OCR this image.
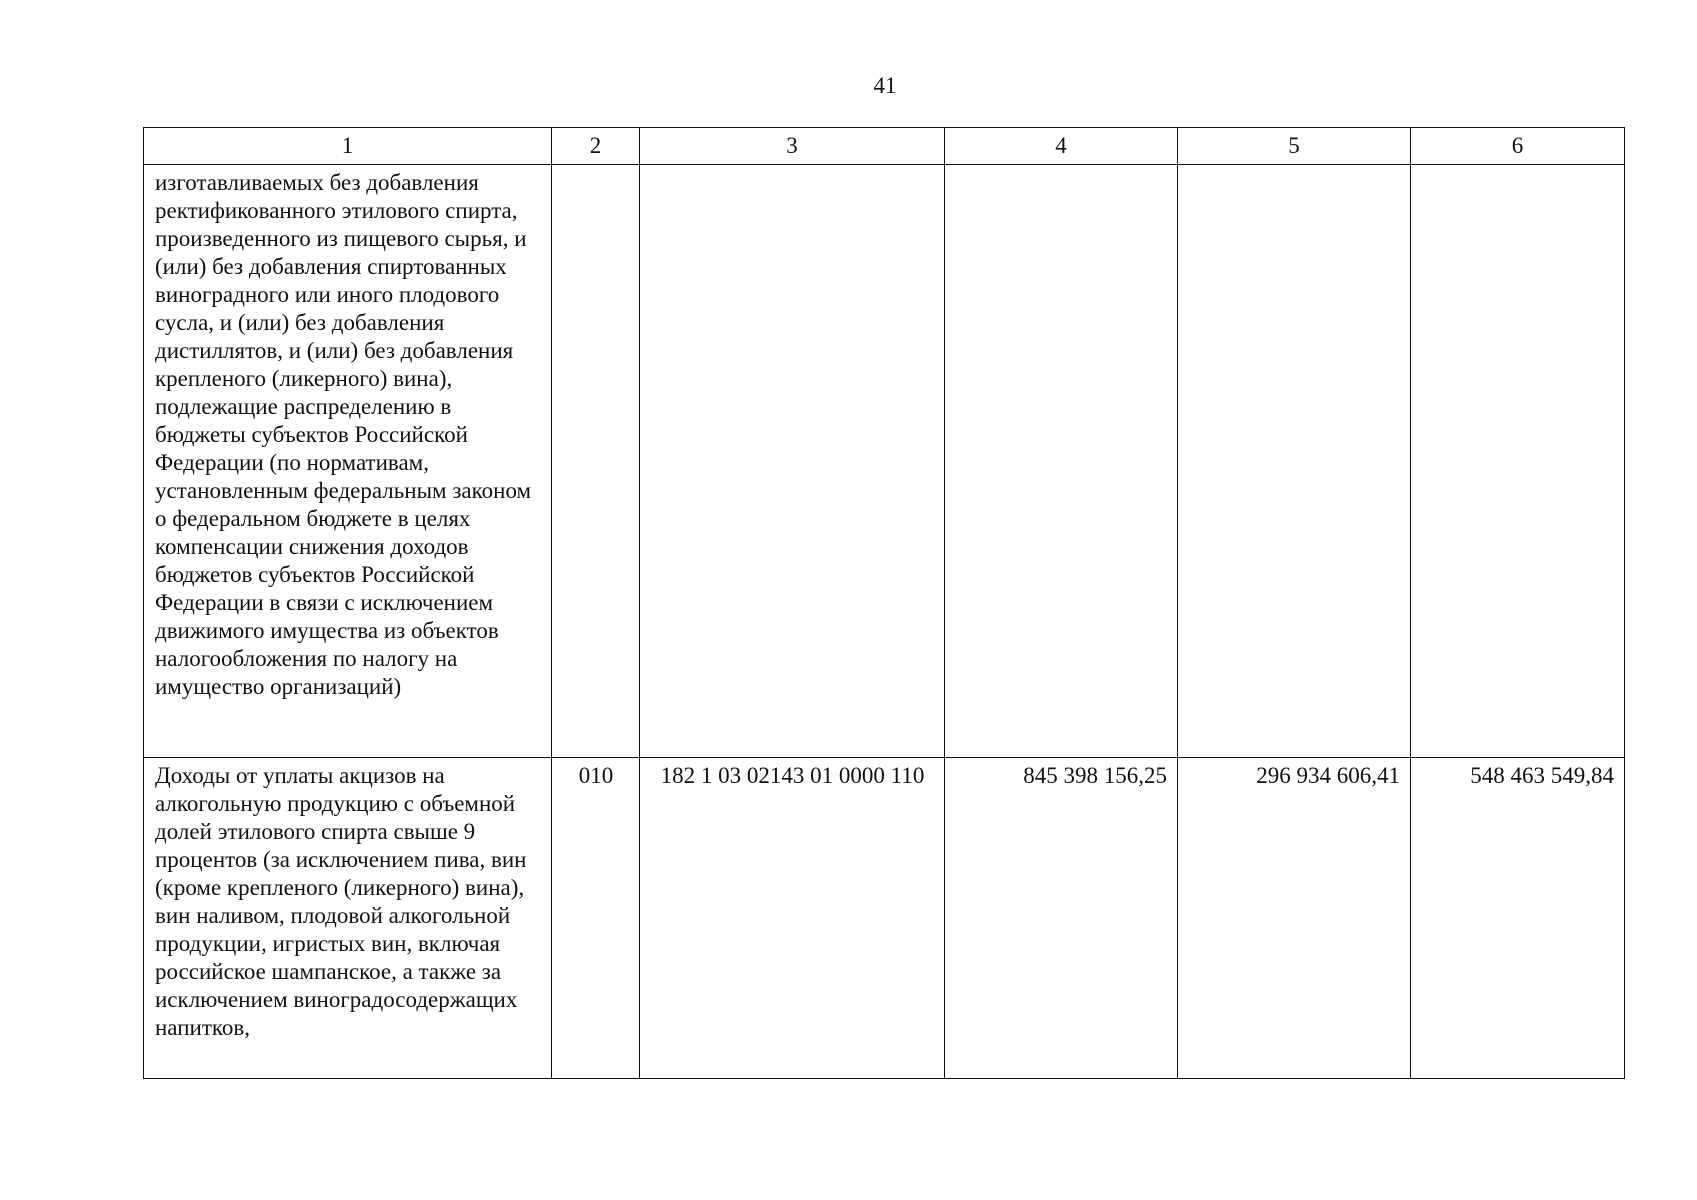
41
1	2	3	4	5	6
изготавливаемых без добавления ректификованного этилового спирта, произведенного из пищевого сырья, и (или) без добавления спиртованных виноградного или иного плодового сусла, и (или) без добавления дистиллятов, и (или) без добавления крепленого (ликерного) вина), подлежащие распределению в бюджеты субъектов Российской Федерации (по нормативам, установленным федеральным законом о федеральном бюджете в целях компенсации снижения доходов бюджетов субъектов Российской Федерации в связи с исключением движимого имущества из объектов налогообложения по налогу на имущество организаций)					
Доходы от уплаты акцизов на алкогольную продукцию с объемной долей этилового спирта свыше 9 процентов (за исключением пива, вин (кроме крепленого (ликерного) вина), вин наливом, плодовой алкогольной продукции, игристых вин, включая российское шампанское, а также за исключением виноградосодержащих напитков,	010	182 1 03 02143 01 0000 110	845 398 156,25	296 934 606,41	548 463 549,84
